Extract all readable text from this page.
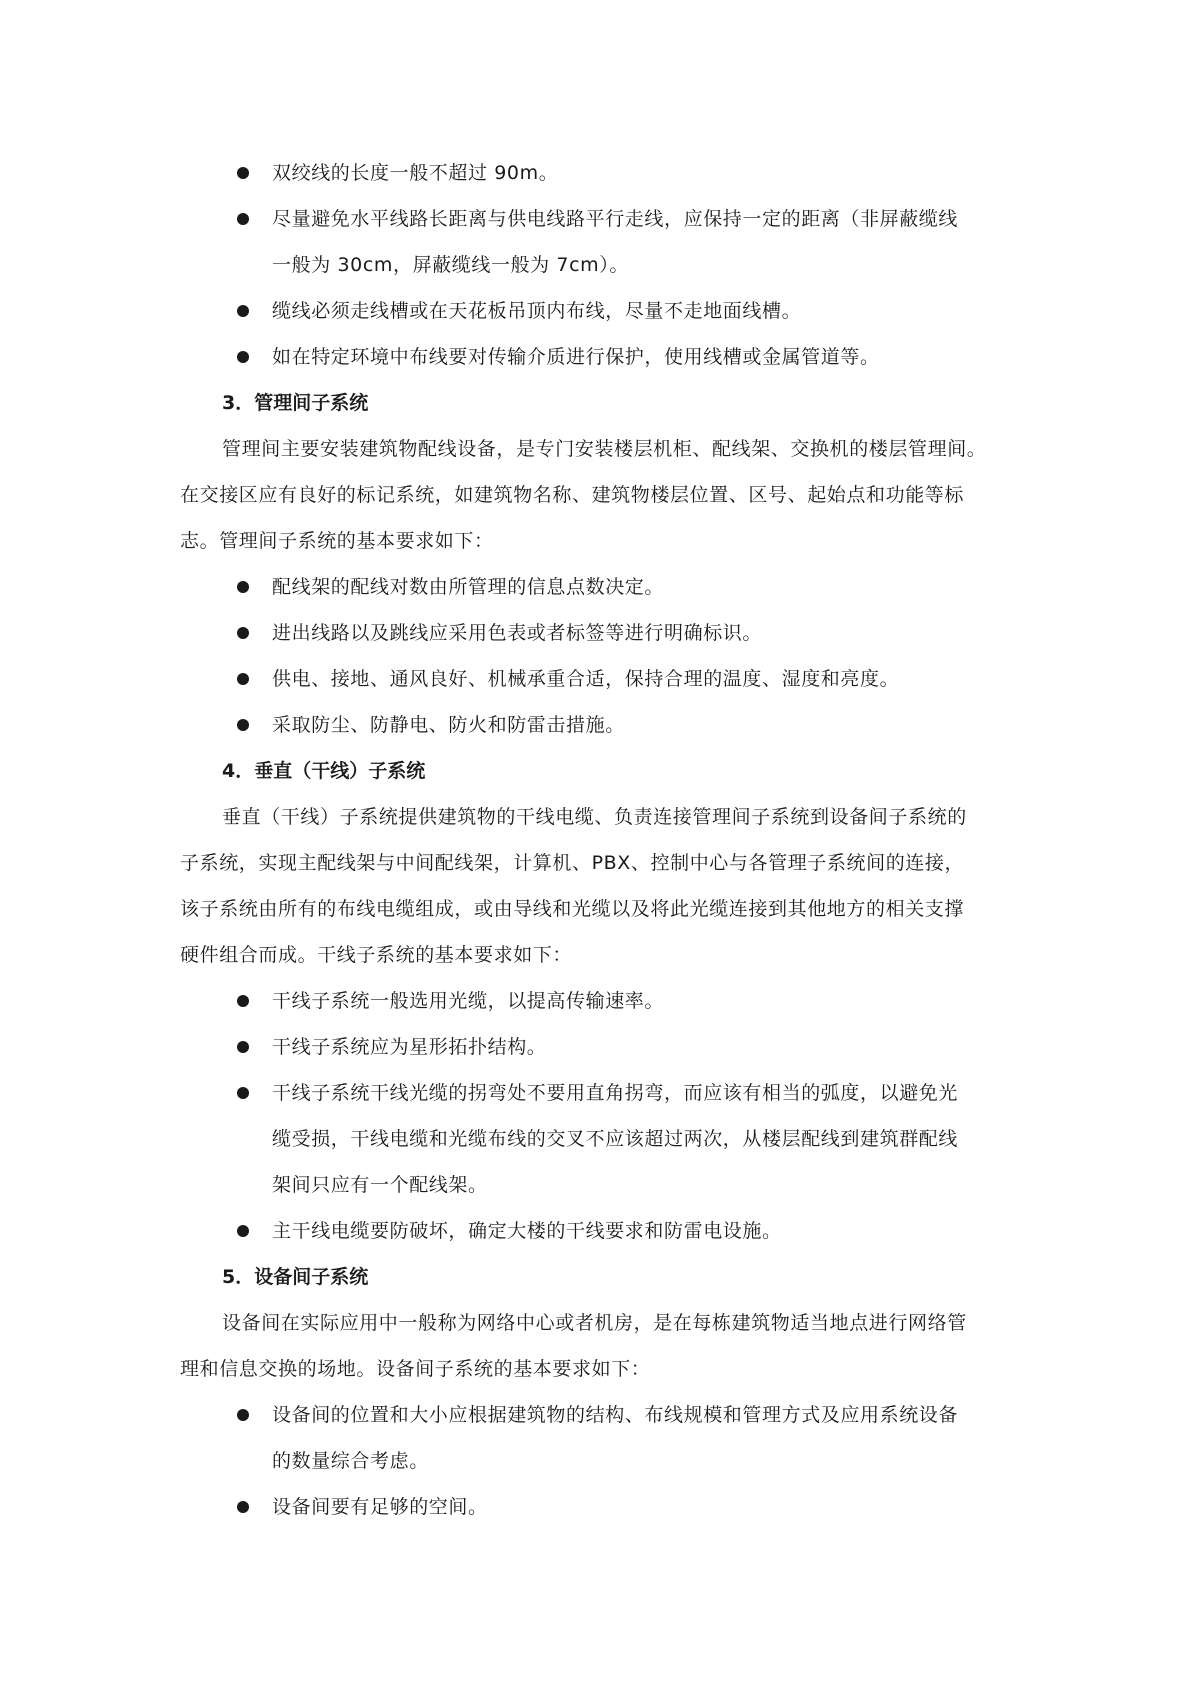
双绞线的长度一般不超过 90m。
尽量避免水平线路长距离与供电线路平行走线，应保持一定的距离（非屏蔽缆线
一般为 30cm，屏蔽缆线一般为 7cm）。
缆线必须走线槽或在天花板吊顶内布线，尽量不走地面线槽。
如在特定环境中布线要对传输介质进行保护，使用线槽或金属管道等。
3．管理间子系统
管理间主要安装建筑物配线设备，是专门安装楼层机柜、配线架、交换机的楼层管理间。
在交接区应有良好的标记系统，如建筑物名称、建筑物楼层位置、区号、起始点和功能等标
志。管理间子系统的基本要求如下：
配线架的配线对数由所管理的信息点数决定。
进出线路以及跳线应采用色表或者标签等进行明确标识。
供电、接地、通风良好、机械承重合适，保持合理的温度、湿度和亮度。
采取防尘、防静电、防火和防雷击措施。
4．垂直（干线）子系统
垂直（干线）子系统提供建筑物的干线电缆、负责连接管理间子系统到设备间子系统的
子系统，实现主配线架与中间配线架，计算机、PBX、控制中心与各管理子系统间的连接，
该子系统由所有的布线电缆组成，或由导线和光缆以及将此光缆连接到其他地方的相关支撑
硬件组合而成。干线子系统的基本要求如下：
干线子系统一般选用光缆，以提高传输速率。
干线子系统应为星形拓扑结构。
干线子系统干线光缆的拐弯处不要用直角拐弯，而应该有相当的弧度，以避免光
缆受损，干线电缆和光缆布线的交叉不应该超过两次，从楼层配线到建筑群配线
架间只应有一个配线架。
主干线电缆要防破坏，确定大楼的干线要求和防雷电设施。
5．设备间子系统
设备间在实际应用中一般称为网络中心或者机房，是在每栋建筑物适当地点进行网络管
理和信息交换的场地。设备间子系统的基本要求如下：
设备间的位置和大小应根据建筑物的结构、布线规模和管理方式及应用系统设备
的数量综合考虑。
设备间要有足够的空间。
